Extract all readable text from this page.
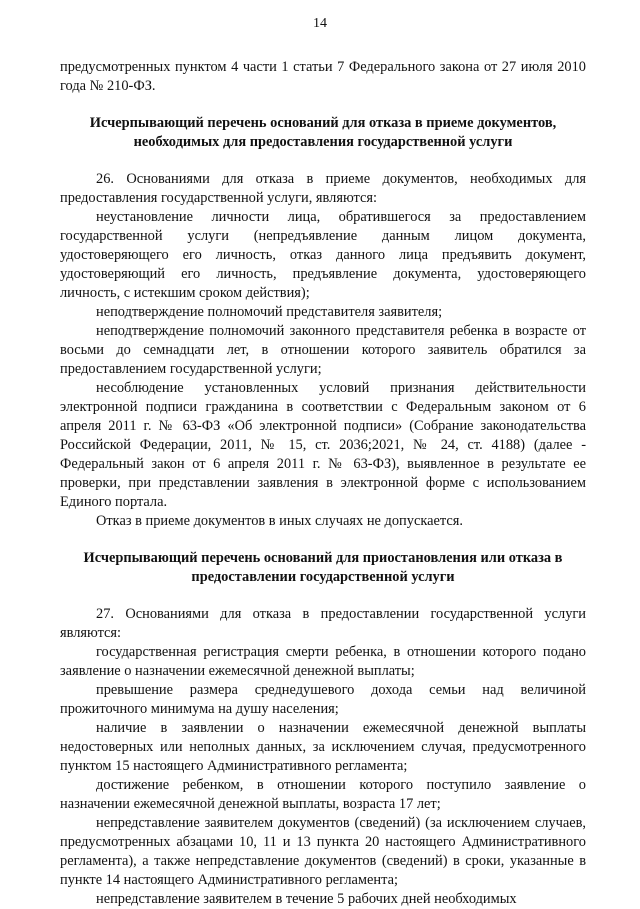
14

предусмотренных пунктом 4 части 1 статьи 7 Федерального закона от 27 июля 2010 года № 210-ФЗ.

Исчерпывающий перечень оснований для отказа в приеме документов, необходимых для предоставления государственной услуги

26. Основаниями для отказа в приеме документов, необходимых для предоставления государственной услуги, являются:

неустановление личности лица, обратившегося за предоставлением государственной услуги (непредъявление данным лицом документа, удостоверяющего его личность, отказ данного лица предъявить документ, удостоверяющий его личность, предъявление документа, удостоверяющего личность, с истекшим сроком действия);

неподтверждение полномочий представителя заявителя;

неподтверждение полномочий законного представителя ребенка в возрасте от восьми до семнадцати лет, в отношении которого заявитель обратился за предоставлением государственной услуги;

несоблюдение установленных условий признания действительности электронной подписи гражданина в соответствии с Федеральным законом от 6 апреля 2011 г. № 63-ФЗ «Об электронной подписи» (Собрание законодательства Российской Федерации, 2011, № 15, ст. 2036;2021, № 24, ст. 4188) (далее - Федеральный закон от 6 апреля 2011 г. № 63-ФЗ), выявленное в результате ее проверки, при представлении заявления в электронной форме с использованием Единого портала.

Отказ в приеме документов в иных случаях не допускается.

Исчерпывающий перечень оснований для приостановления или отказа в предоставлении государственной услуги

27. Основаниями для отказа в предоставлении государственной услуги являются:

государственная регистрация смерти ребенка, в отношении которого подано заявление о назначении ежемесячной денежной выплаты;

превышение размера среднедушевого дохода семьи над величиной прожиточного минимума на душу населения;

наличие в заявлении о назначении ежемесячной денежной выплаты недостоверных или неполных данных, за исключением случая, предусмотренного пунктом 15 настоящего Административного регламента;

достижение ребенком, в отношении которого поступило заявление о назначении ежемесячной денежной выплаты, возраста 17 лет;

непредставление заявителем документов (сведений) (за исключением случаев, предусмотренных абзацами 10, 11 и 13 пункта 20 настоящего Административного регламента), а также непредставление документов (сведений) в сроки, указанные в пункте 14 настоящего Административного регламента;

непредставление заявителем в течение 5 рабочих дней необходимых
